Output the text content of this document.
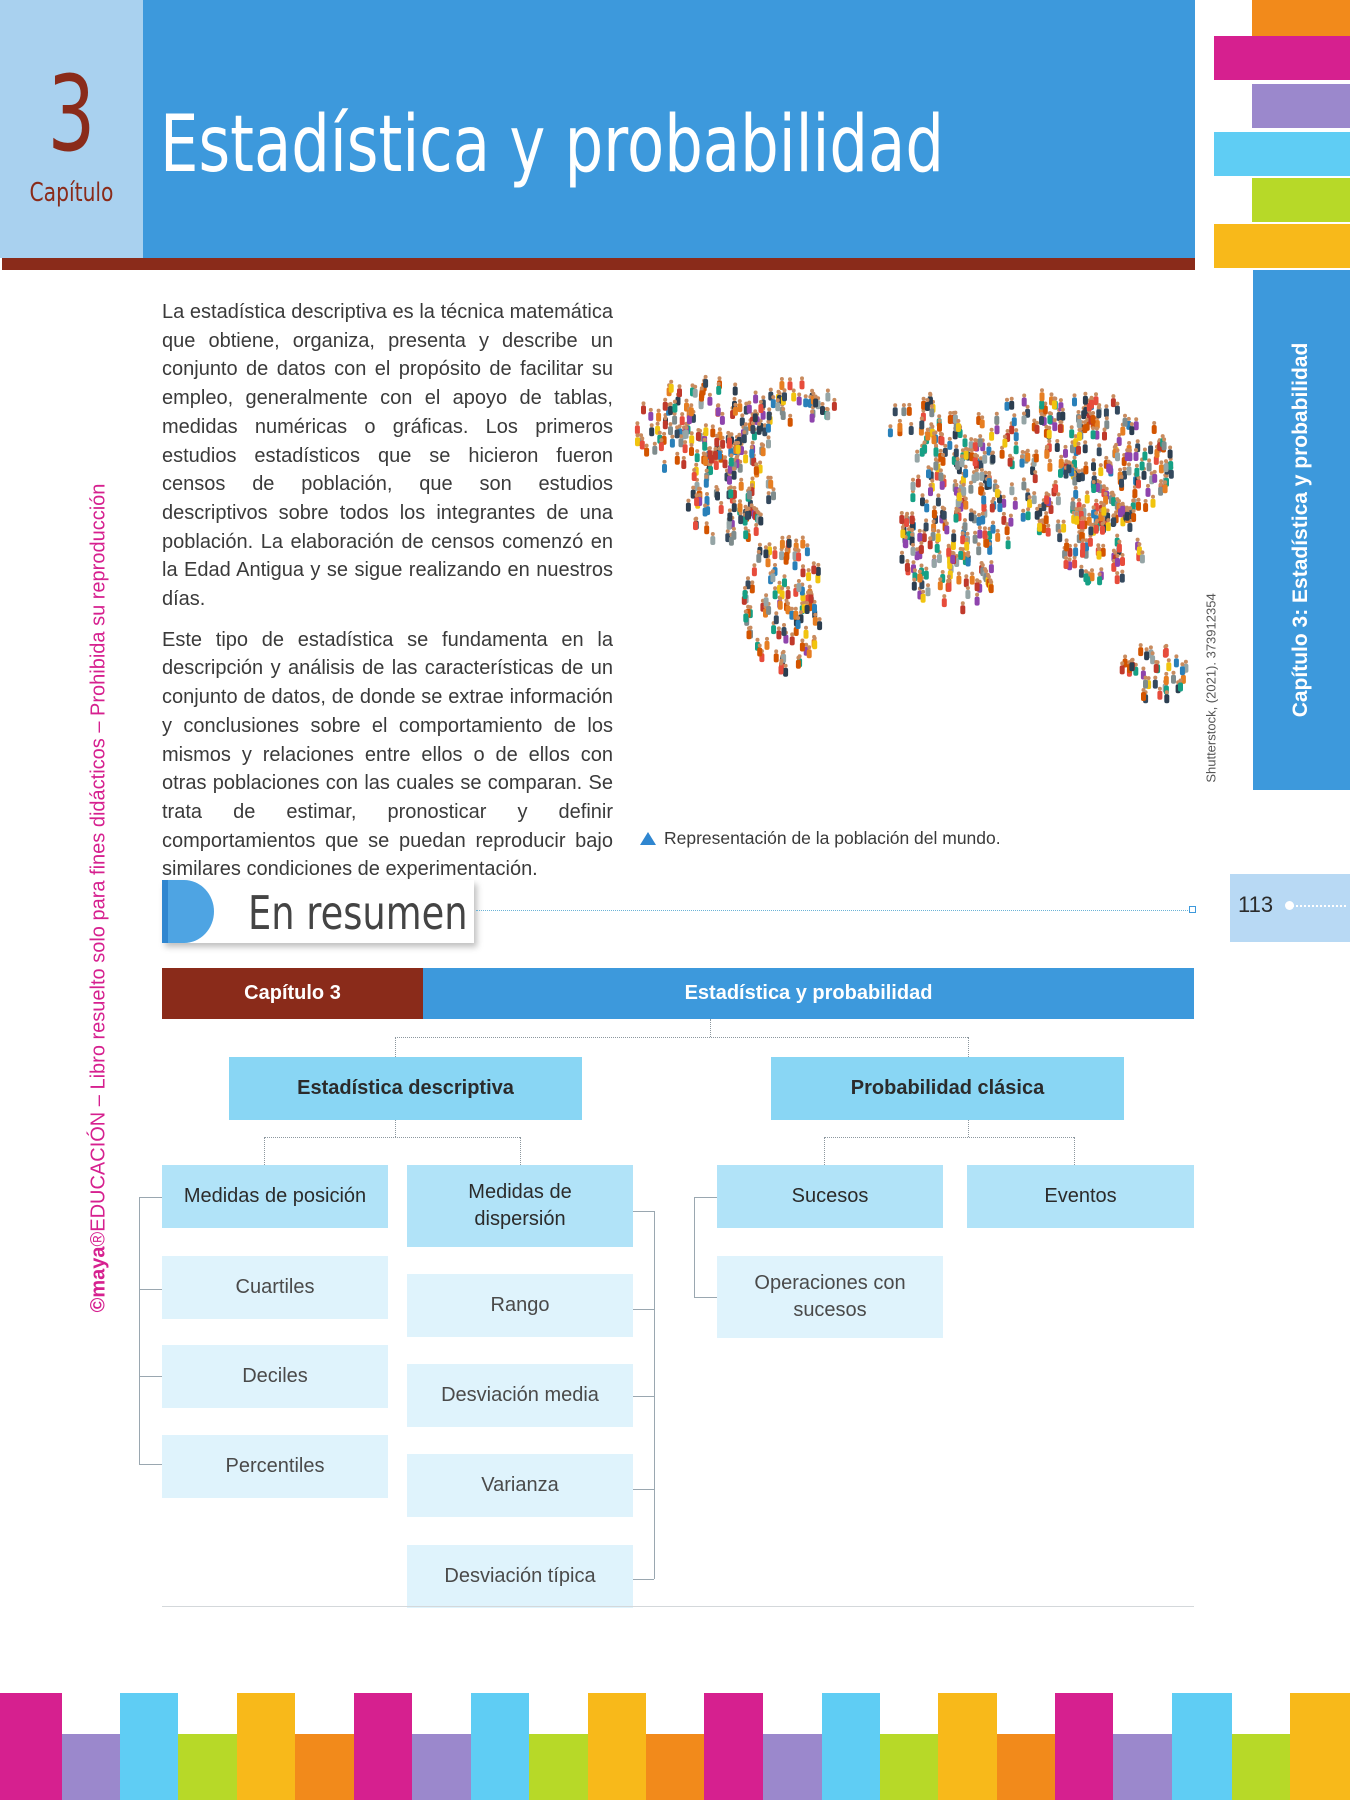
3
Capítulo
Estadística y probabilidad
Capítulo 3: Estadística y probabilidad
Shutterstock, (2021). 373912354
©maya®EDUCACIÓN – Libro resuelto solo para fines didácticos – Prohibida su reproducción	113

La estadística descriptiva es la técnica matemática que obtiene, organiza, presenta y describe un conjunto de datos con el propósito de facilitar su empleo, generalmente con el apoyo de tablas, medidas numéricas o gráficas. Los primeros estudios estadísticos que se hicieron fueron censos de población, que son estudios descriptivos sobre todos los integrantes de una población. La elaboración de censos comenzó en la Edad Antigua y se sigue realizando en nuestros días.

Este tipo de estadística se fundamenta en la descripción y análisis de las características de un conjunto de datos, de donde se extrae información y conclusiones sobre el comportamiento de los mismos y relaciones entre ellos o de ellos con otras poblaciones con las cuales se comparan. Se trata de estimar, pronosticar y definir comportamientos que se puedan reproducir bajo similares condiciones de experimentación.

Representación de la población del mundo.
En resumen
Capítulo 3	Estadística y probabilidad
Estadística descriptiva	Probabilidad clásica
Medidas de posición	Medidas de dispersión
Sucesos	Eventos
Cuartiles
Deciles
Percentiles
Rango
Desviación media
Varianza
Desviación típica
Operaciones con sucesos
